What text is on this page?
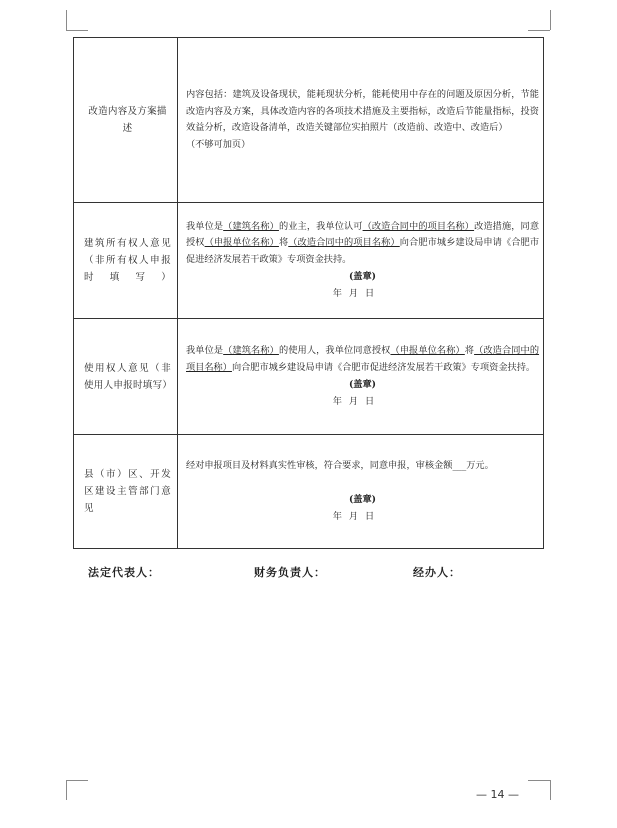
改造内容及方案描述	内容包括：建筑及设备现状，能耗现状分析，能耗使用中存在的问题及原因分析，节能改造内容及方案，具体改造内容的各项技术措施及主要指标，改造后节能量指标，投资效益分析，改造设备清单，改造关键部位实拍照片（改造前、改造中、改造后）

（不够可加页）

建筑所有权人意见（非所有权人申报时填写）	我单位是（建筑名称）的业主，我单位认可（改造合同中的项目名称）改造措施，同意授权（申报单位名称）将（改造合同中的项目名称）向合肥市城乡建设局申请《合肥市促进经济发展若干政策》专项资金扶持。

(盖章)
年 月 日

使用权人意见（非使用人申报时填写）	我单位是（建筑名称）的使用人，我单位同意授权（申报单位名称）将（改造合同中的项目名称）向合肥市城乡建设局申请《合肥市促进经济发展若干政策》专项资金扶持。

(盖章)
年 月 日

县（市）区、开发区建设主管部门意见	经对申报项目及材料真实性审核，符合要求，同意申报，审核金额___万元。

(盖章)
年 月 日
法定代表人：	财务负责人：	经办人：
— 14 —
